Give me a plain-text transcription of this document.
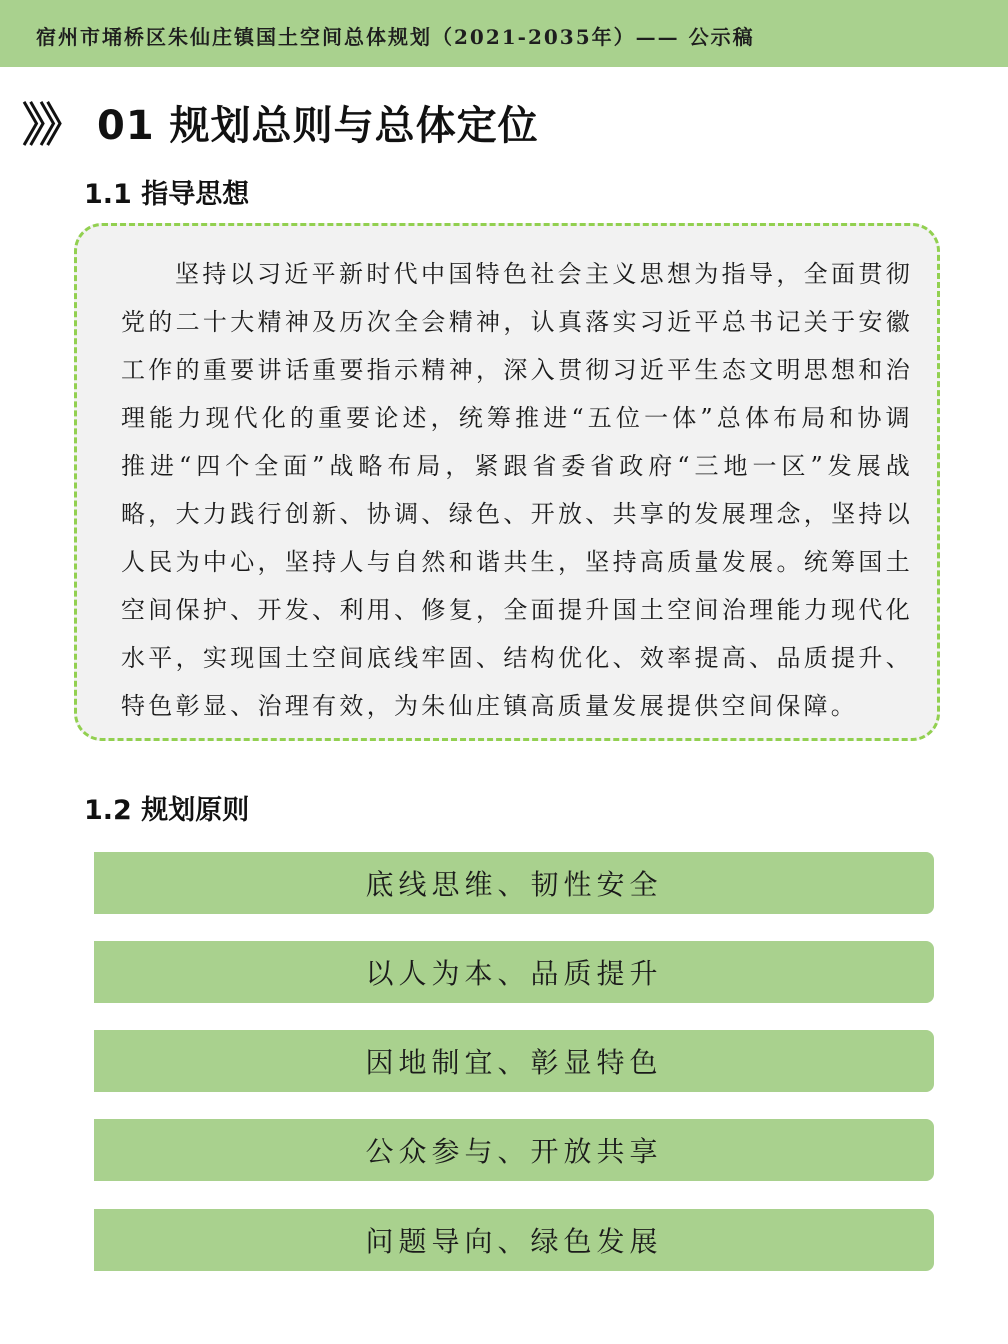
宿州市埇桥区朱仙庄镇国土空间总体规划（2021-2035年）—— 公示稿
》》 01 规划总则与总体定位
1.1 指导思想

坚持以习近平新时代中国特色社会主义思想为指导，全面贯彻党的二十大精神及历次全会精神，认真落实习近平总书记关于安徽工作的重要讲话重要指示精神，深入贯彻习近平生态文明思想和治理能力现代化的重要论述，统筹推进“五位一体”总体布局和协调推进“四个全面”战略布局，紧跟省委省政府“三地一区”发展战略，大力践行创新、协调、绿色、开放、共享的发展理念，坚持以人民为中心，坚持人与自然和谐共生，坚持高质量发展。统筹国土空间保护、开发、利用、修复，全面提升国土空间治理能力现代化水平，实现国土空间底线牢固、结构优化、效率提高、品质提升、特色彰显、治理有效，为朱仙庄镇高质量发展提供空间保障。

1.2 规划原则
底线思维、韧性安全
以人为本、品质提升
因地制宜、彰显特色
公众参与、开放共享
问题导向、绿色发展
